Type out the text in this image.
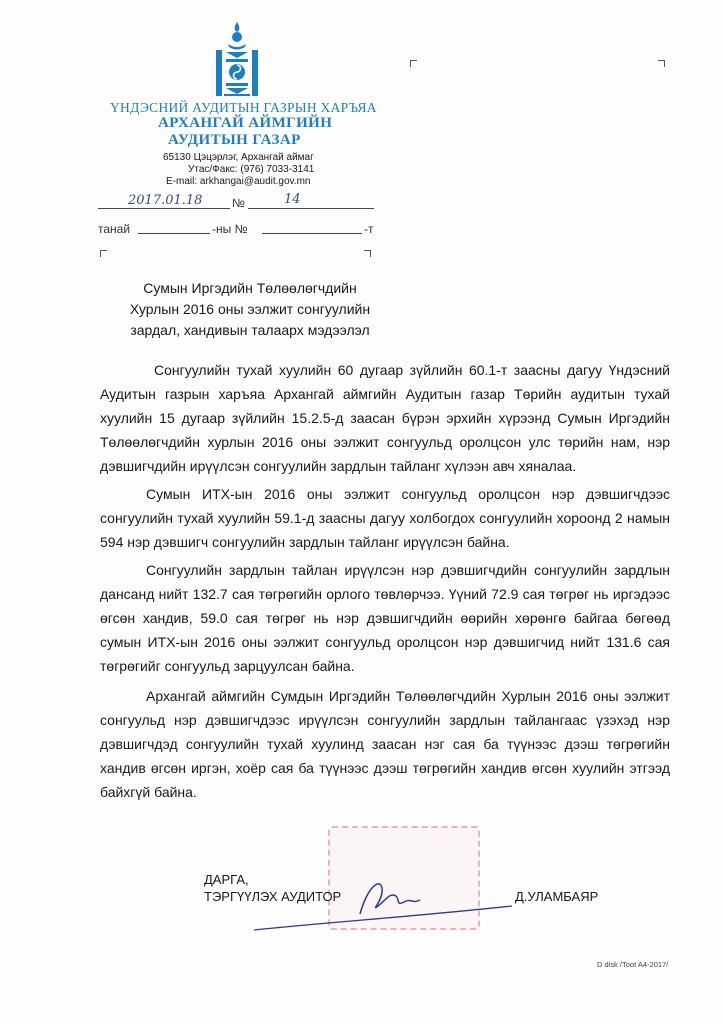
ҮНДЭСНИЙ АУДИТЫН ГАЗРЫН ХАРЪЯА
АРХАНГАЙ АЙМГИЙН
АУДИТЫН ГАЗАР
65130 Цэцэрлэг, Архангай аймаг
Утас/Факс: (976) 7033-3141
E-mail: arkhangai@audit.gov.mn
2017.01.18 №	14
танай	-ны №	-т
Сумын Иргэдийн Төлөөлөгчдийн
Хурлын 2016 оны ээлжит сонгуулийн
зардал, хандивын талаарх мэдээлэл
Сонгуулийн тухай хуулийн 60 дугаар зүйлийн 60.1-т заасны дагуу Үндэсний Аудитын газрын харъяа Архангай аймгийн Аудитын газар Төрийн аудитын тухай хуулийн 15 дугаар зүйлийн 15.2.5-д заасан бүрэн эрхийн хүрээнд Сумын Иргэдийн Төлөөлөгчдийн хурлын 2016 оны ээлжит сонгуульд оролцсон улс төрийн нам, нэр дэвшигчдийн ирүүлсэн сонгуулийн зардлын тайланг хүлээн авч хяналаа.
Сумын ИТХ-ын 2016 оны ээлжит сонгуульд оролцсон нэр дэвшигчдээс сонгуулийн тухай хуулийн 59.1-д заасны дагуу холбогдох сонгуулийн хороонд 2 намын 594 нэр дэвшигч сонгуулийн зардлын тайланг ирүүлсэн байна.
Сонгуулийн зардлын тайлан ирүүлсэн нэр дэвшигчдийн сонгуулийн зардлын дансанд нийт 132.7 сая төгрөгийн орлого төвлөрчээ. Үүний 72.9 сая төгрөг нь иргэдээс өгсөн хандив, 59.0 сая төгрөг нь нэр дэвшигчдийн өөрийн хөрөнгө байгаа бөгөөд сумын ИТХ-ын 2016 оны ээлжит сонгуульд оролцсон нэр дэвшигчид нийт 131.6 сая төгрөгийг сонгуульд зарцуулсан байна.
Архангай аймгийн Сумдын Иргэдийн Төлөөлөгчдийн Хурлын 2016 оны ээлжит сонгуульд нэр дэвшигчдээс ирүүлсэн сонгуулийн зардлын тайлангаас үзэхэд нэр дэвшигчдэд сонгуулийн тухай хуулинд заасан нэг сая ба түүнээс дээш төгрөгийн хандив өгсөн иргэн, хоёр сая ба түүнээс дээш төгрөгийн хандив өгсөн хуулийн этгээд байхгүй байна.
ДАРГА,
ТЭРГҮҮЛЭХ АУДИТОР	Д.УЛАМБАЯР
D disk /Toot A4-2017/
